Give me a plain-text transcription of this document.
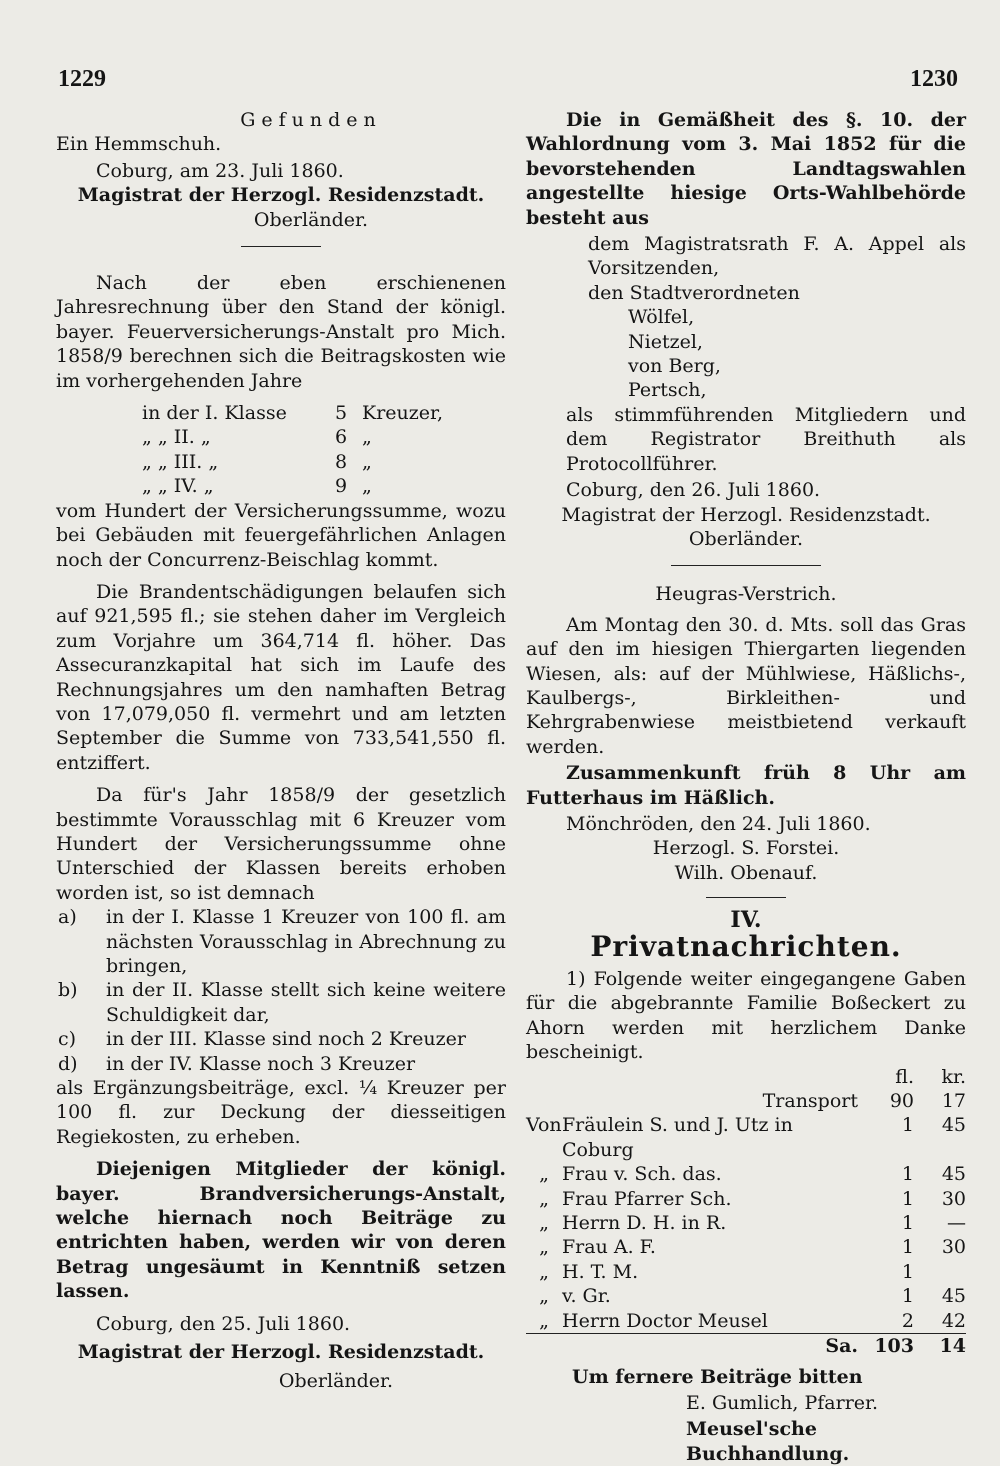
1229	1230
Gefunden
Ein Hemmschuh.
Coburg, am 23. Juli 1860.
Magistrat der Herzogl. Residenzstadt.
Oberländer.
Nach der eben erschienenen Jahresrechnung über den Stand der königl. bayer. Feuerversicherungs-Anstalt pro Mich. 1858/9 berechnen sich die Beitragskosten wie im vorhergehenden Jahre
in der I. Klasse	5 Kreuzer,
„ „ II. „	6 „
„ „ III. „	8 „
„ „ IV. „	9 „
vom Hundert der Versicherungssumme, wozu bei Gebäuden mit feuergefährlichen Anlagen noch der Concurrenz-Beischlag kommt.
Die Brandentschädigungen belaufen sich auf 921,595 fl.; sie stehen daher im Vergleich zum Vorjahre um 364,714 fl. höher. Das Assecuranzkapital hat sich im Laufe des Rechnungsjahres um den namhaften Betrag von 17,079,050 fl. vermehrt und am letzten September die Summe von 733,541,550 fl. entziffert.
Da für's Jahr 1858/9 der gesetzlich bestimmte Vorausschlag mit 6 Kreuzer vom Hundert der Versicherungssumme ohne Unterschied der Klassen bereits erhoben worden ist, so ist demnach
a)	in der I. Klasse 1 Kreuzer von 100 fl. am nächsten Vorausschlag in Abrechnung zu bringen,
b)	in der II. Klasse stellt sich keine weitere Schuldigkeit dar,
c)	in der III. Klasse sind noch 2 Kreuzer
d)	in der IV. Klasse noch 3 Kreuzer
als Ergänzungsbeiträge, excl. ¼ Kreuzer per 100 fl. zur Deckung der diesseitigen Regiekosten, zu erheben.
Diejenigen Mitglieder der königl. bayer. Brandversicherungs-Anstalt, welche hiernach noch Beiträge zu entrichten haben, werden wir von deren Betrag ungesäumt in Kenntniß setzen lassen.
Coburg, den 25. Juli 1860.
Magistrat der Herzogl. Residenzstadt.
Oberländer.
Die in Gemäßheit des §. 10. der Wahlordnung vom 3. Mai 1852 für die bevorstehenden Landtagswahlen angestellte hiesige Orts-Wahlbehörde besteht aus
dem Magistratsrath F. A. Appel als Vorsitzenden,
den Stadtverordneten
Wölfel,
Nietzel,
von Berg,
Pertsch,
als stimmführenden Mitgliedern und dem Registrator Breithuth als Protocollführer.
Coburg, den 26. Juli 1860.
Magistrat der Herzogl. Residenzstadt.
Oberländer.
Heugras-Verstrich.
Am Montag den 30. d. Mts. soll das Gras auf den im hiesigen Thiergarten liegenden Wiesen, als: auf der Mühlwiese, Häßlichs-, Kaulbergs-, Birkleithen- und Kehrgrabenwiese meistbietend verkauft werden.
Zusammenkunft früh 8 Uhr am Futterhaus im Häßlich.
Mönchröden, den 24. Juli 1860.
Herzogl. S. Forstei.
Wilh. Obenauf.
IV.
Privatnachrichten.
1) Folgende weiter eingegangene Gaben für die abgebrannte Familie Boßeckert zu Ahorn werden mit herzlichem Danke bescheinigt.
		fl.	kr.
	Transport	90	17
Von	Fräulein S. und J. Utz in Coburg	1	45
„	Frau v. Sch. das.	1	45
„	Frau Pfarrer Sch.	1	30
„	Herrn D. H. in R.	1	—
„	Frau A. F.	1	30
„	H. T. M.	1	
„	v. Gr.	1	45
„	Herrn Doctor Meusel	2	42
	Sa.	103	14
Um fernere Beiträge bitten
E. Gumlich, Pfarrer.
Meusel'sche Buchhandlung.
